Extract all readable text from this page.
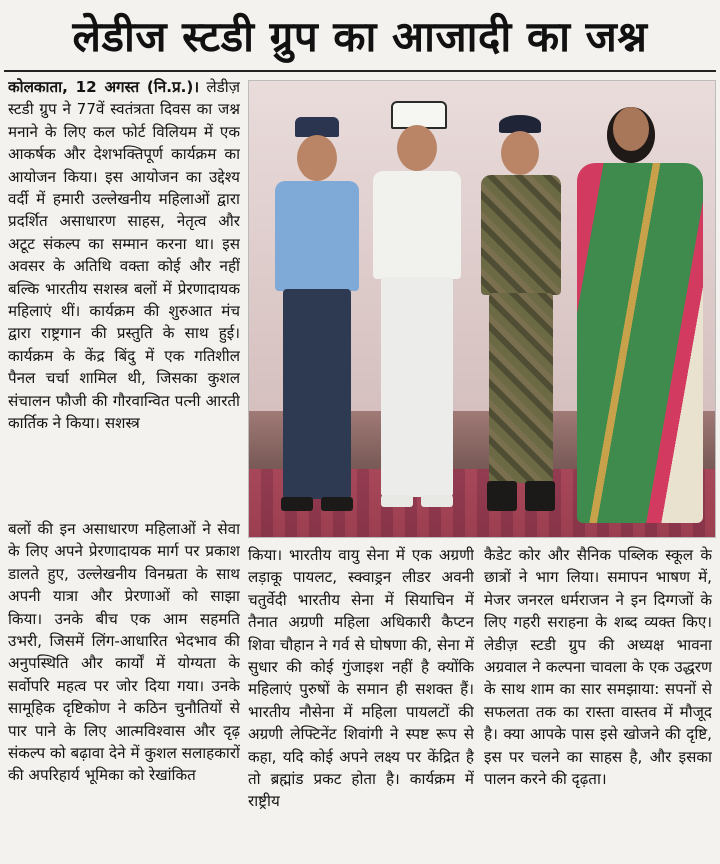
लेडीज स्टडी ग्रुप का आजादी का जश्न

कोलकाता, 12 अगस्त (नि.प्र.)। लेडीज़ स्टडी ग्रुप ने 77वें स्वतंत्रता दिवस का जश्न मनाने के लिए कल फोर्ट विलियम में एक आकर्षक और देशभक्तिपूर्ण कार्यक्रम का आयोजन किया। इस आयोजन का उद्देश्य वर्दी में हमारी उल्लेखनीय महिलाओं द्वारा प्रदर्शित असाधारण साहस, नेतृत्व और अटूट संकल्प का सम्मान करना था। इस अवसर के अतिथि वक्ता कोई और नहीं बल्कि भारतीय सशस्त्र बलों में प्रेरणादायक महिलाएं थीं। कार्यक्रम की शुरुआत मंच द्वारा राष्ट्रगान की प्रस्तुति के साथ हुई। कार्यक्रम के केंद्र बिंदु में एक गतिशील पैनल चर्चा शामिल थी, जिसका कुशल संचालन फौजी की गौरवान्वित पत्नी आरती कार्तिक ने किया। सशस्त्र

बलों की इन असाधारण महिलाओं ने सेवा के लिए अपने प्रेरणादायक मार्ग पर प्रकाश डालते हुए, उल्लेखनीय विनम्रता के साथ अपनी यात्रा और प्रेरणाओं को साझा किया। उनके बीच एक आम सहमति उभरी, जिसमें लिंग-आधारित भेदभाव की अनुपस्थिति और कार्यों में योग्यता के सर्वोपरि महत्व पर जोर दिया गया। उनके सामूहिक दृष्टिकोण ने कठिन चुनौतियों से पार पाने के लिए आत्मविश्वास और दृढ़ संकल्प को बढ़ावा देने में कुशल सलाहकारों की अपरिहार्य भूमिका को रेखांकित

किया। भारतीय वायु सेना में एक अग्रणी लड़ाकू पायलट, स्क्वाड्रन लीडर अवनी चतुर्वेदी भारतीय सेना में सियाचिन में तैनात अग्रणी महिला अधिकारी कैप्टन शिवा चौहान ने गर्व से घोषणा की, सेना में सुधार की कोई गुंजाइश नहीं है क्योंकि महिलाएं पुरुषों के समान ही सशक्त हैं। भारतीय नौसेना में महिला पायलटों की अग्रणी लेफ्टिनेंट शिवांगी ने स्पष्ट रूप से कहा, यदि कोई अपने लक्ष्य पर केंद्रित है तो ब्रह्मांड प्रकट होता है। कार्यक्रम में राष्ट्रीय

कैडेट कोर और सैनिक पब्लिक स्कूल के छात्रों ने भाग लिया। समापन भाषण में, मेजर जनरल धर्मराजन ने इन दिग्गजों के लिए गहरी सराहना के शब्द व्यक्त किए। लेडीज़ स्टडी ग्रुप की अध्यक्ष भावना अग्रवाल ने कल्पना चावला के एक उद्धरण के साथ शाम का सार समझाया: सपनों से सफलता तक का रास्ता वास्तव में मौजूद है। क्या आपके पास इसे खोजने की दृष्टि, इस पर चलने का साहस है, और इसका पालन करने की दृढ़ता।
